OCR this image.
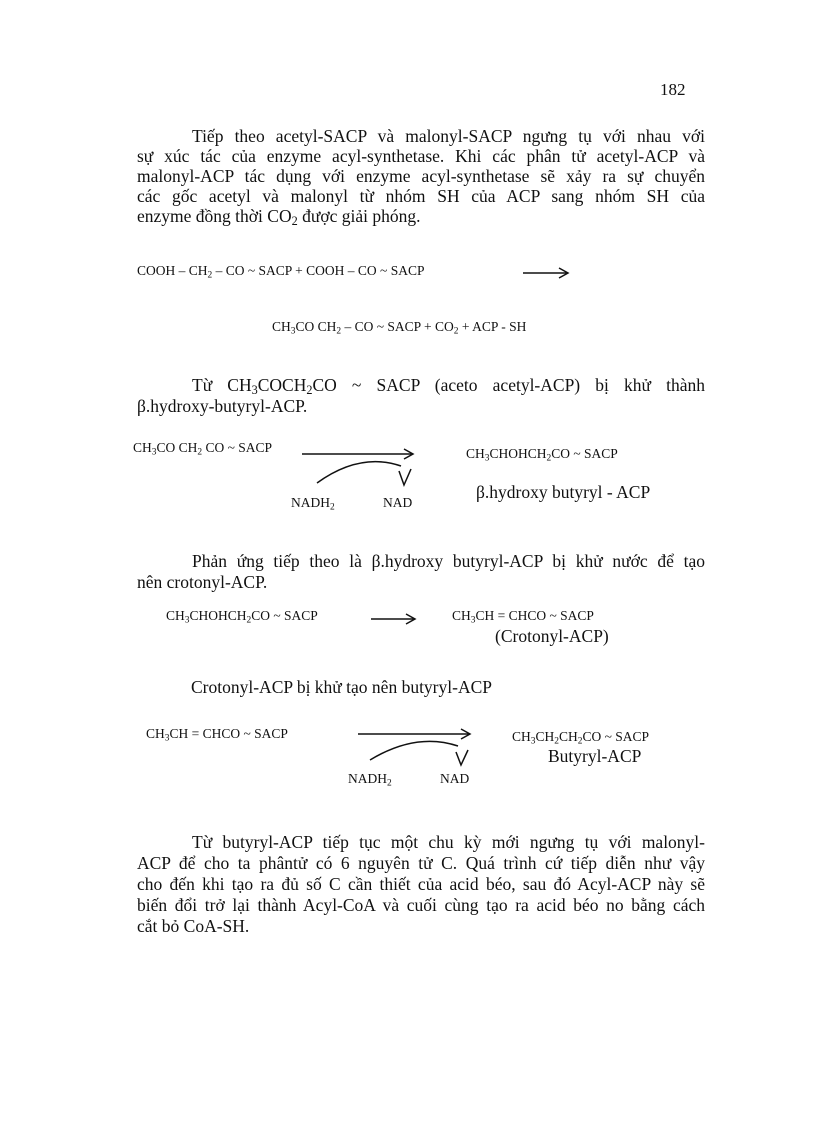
182
Tiếp theo acetyl-SACP và malonyl-SACP ngưng tụ với nhau với
sự xúc tác của enzyme acyl-synthetase. Khi các phân tử acetyl-ACP và
malonyl-ACP tác dụng với enzyme acyl-synthetase sẽ xảy ra sự chuyển
các gốc acetyl và malonyl từ nhóm SH của ACP sang nhóm SH của
enzyme đồng thời $CO_2$ được giải phóng.
COOH – $CH_2$ – CO ~ SACP + COOH – CO ~ SACP
$CH_3CO$ $CH_2$ – CO ~ SACP + $CO_2$ + ACP - SH
Từ $CH_3COCH_2CO$ ~ SACP (aceto acetyl-ACP) bị khử thành
β.hydroxy-butyryl-ACP.
$CH_3CO$ $CH_2$ CO ~ SACP	$CH_3CHOHCH_2CO$ ~ SACP
β.hydroxy butyryl - ACP
$NADH_2$	NAD
Phản ứng tiếp theo là β.hydroxy butyryl-ACP bị khử nước để tạo
nên crotonyl-ACP.
$CH_3CHOHCH_2CO$ ~ SACP	$CH_3CH$ = CHCO ~ SACP
(Crotonyl-ACP)
Crotonyl-ACP bị khử tạo nên butyryl-ACP
$CH_3CH$ = CHCO ~ SACP	$CH_3CH_2CH_2CO$ ~ SACP
Butyryl-ACP
$NADH_2$	NAD
Từ butyryl-ACP tiếp tục một chu kỳ mới ngưng tụ với malonyl-
ACP để cho ta phântử có 6 nguyên tử C. Quá trình cứ tiếp diễn như vậy
cho đến khi tạo ra đủ số C cần thiết của acid béo, sau đó Acyl-ACP này sẽ
biến đổi trở lại thành Acyl-CoA và cuối cùng tạo ra acid béo no bằng cách
cắt bỏ CoA-SH.
